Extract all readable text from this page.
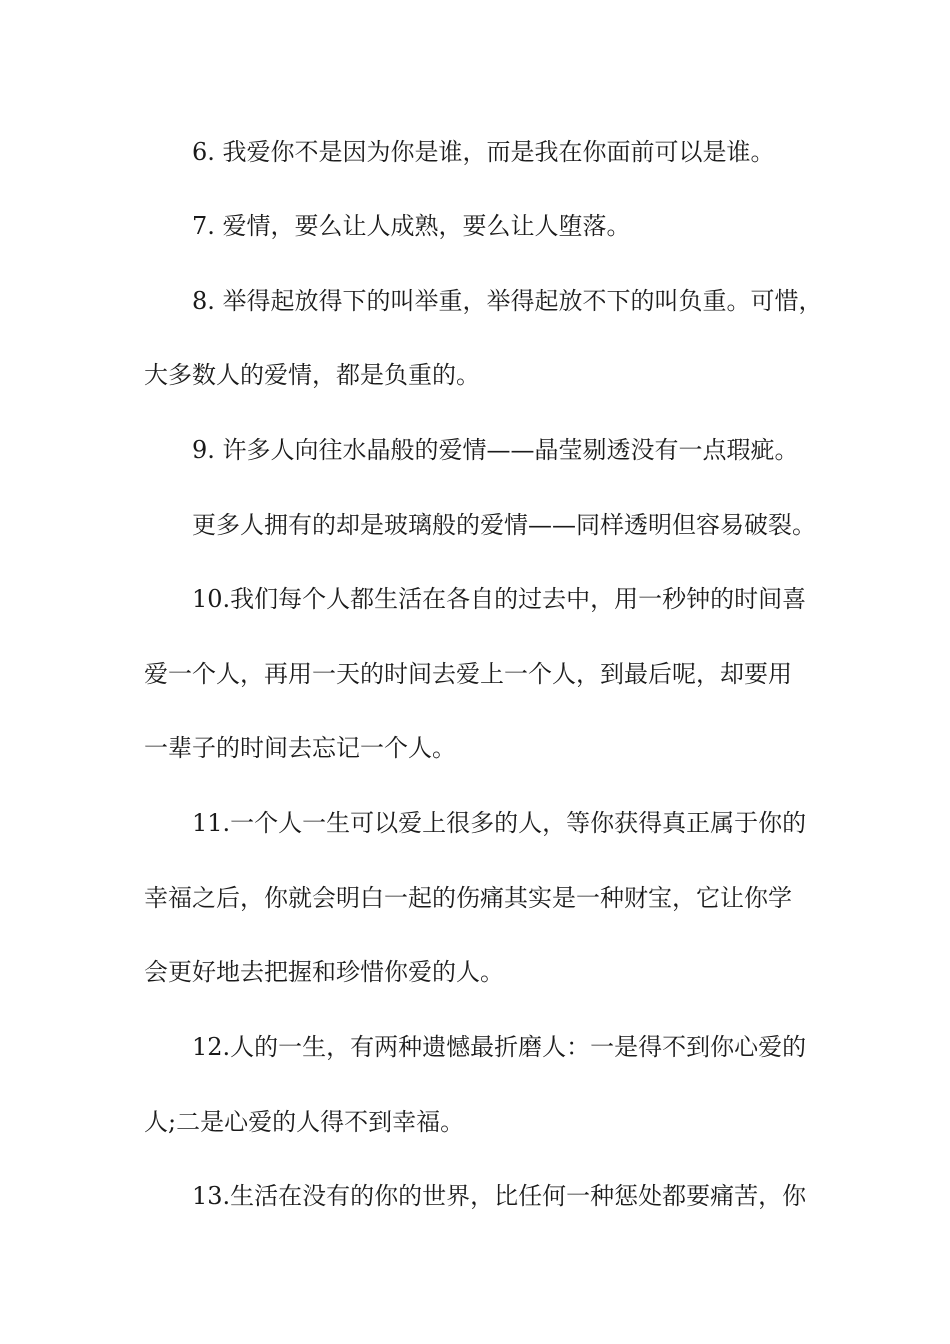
6. 我爱你不是因为你是谁，而是我在你面前可以是谁。

7. 爱情，要么让人成熟，要么让人堕落。

8. 举得起放得下的叫举重，举得起放不下的叫负重。可惜，

大多数人的爱情，都是负重的。

9. 许多人向往水晶般的爱情——晶莹剔透没有一点瑕疵。

更多人拥有的却是玻璃般的爱情——同样透明但容易破裂。

10.我们每个人都生活在各自的过去中，用一秒钟的时间喜

爱一个人，再用一天的时间去爱上一个人，到最后呢，却要用

一辈子的时间去忘记一个人。

11.一个人一生可以爱上很多的人，等你获得真正属于你的

幸福之后，你就会明白一起的伤痛其实是一种财宝，它让你学

会更好地去把握和珍惜你爱的人。

12.人的一生，有两种遗憾最折磨人：一是得不到你心爱的

人;二是心爱的人得不到幸福。

13.生活在没有的你的世界，比任何一种惩处都要痛苦，你
